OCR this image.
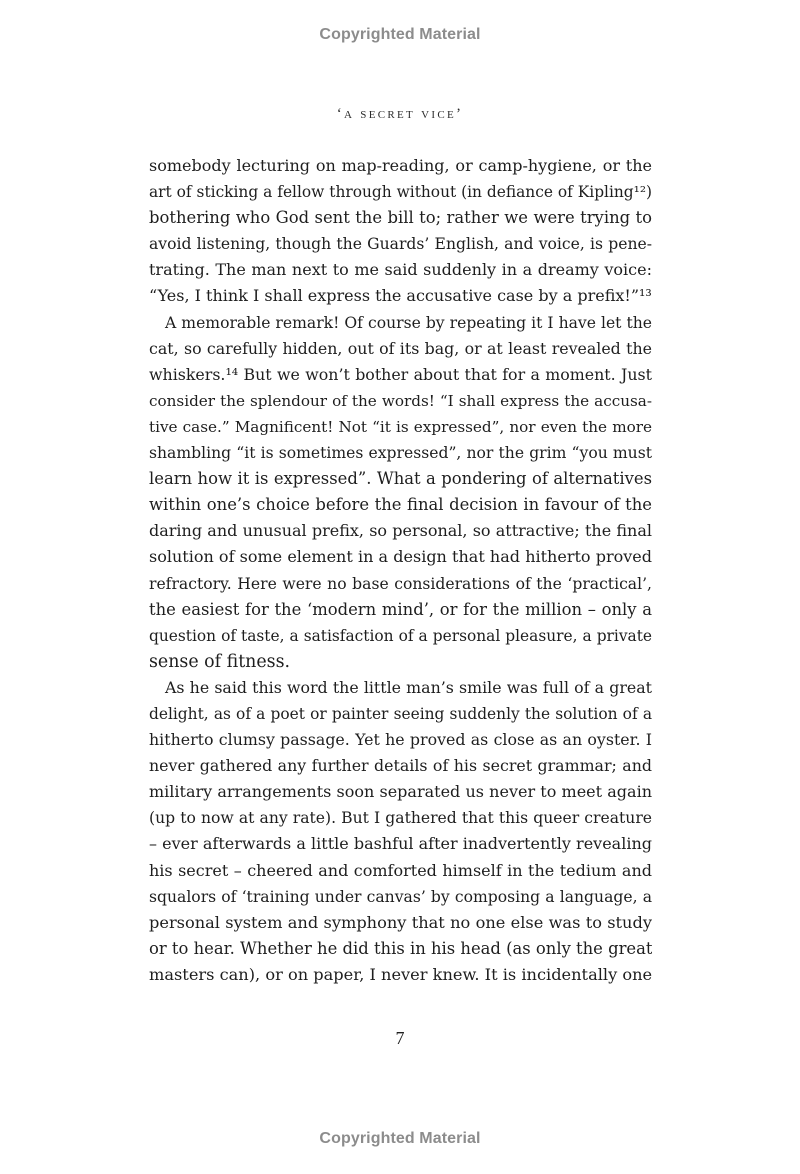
Copyrighted Material
‘a secret vice’
somebody lecturing on map-reading, or camp-hygiene, or the
art of sticking a fellow through without (in defiance of Kipling¹²)
bothering who God sent the bill to; rather we were trying to
avoid listening, though the Guards’ English, and voice, is pene-
trating. The man next to me said suddenly in a dreamy voice:
“Yes, I think I shall express the accusative case by a prefix!”¹³
A memorable remark! Of course by repeating it I have let the
cat, so carefully hidden, out of its bag, or at least revealed the
whiskers.¹⁴ But we won’t bother about that for a moment. Just
consider the splendour of the words! “I shall express the accusa-
tive case.” Magnificent! Not “it is expressed”, nor even the more
shambling “it is sometimes expressed”, nor the grim “you must
learn how it is expressed”. What a pondering of alternatives
within one’s choice before the final decision in favour of the
daring and unusual prefix, so personal, so attractive; the final
solution of some element in a design that had hitherto proved
refractory. Here were no base considerations of the ‘practical’,
the easiest for the ‘modern mind’, or for the million – only a
question of taste, a satisfaction of a personal pleasure, a private
sense of fitness.
As he said this word the little man’s smile was full of a great
delight, as of a poet or painter seeing suddenly the solution of a
hitherto clumsy passage. Yet he proved as close as an oyster. I
never gathered any further details of his secret grammar; and
military arrangements soon separated us never to meet again
(up to now at any rate). But I gathered that this queer creature
– ever afterwards a little bashful after inadvertently revealing
his secret – cheered and comforted himself in the tedium and
squalors of ‘training under canvas’ by composing a language, a
personal system and symphony that no one else was to study
or to hear. Whether he did this in his head (as only the great
masters can), or on paper, I never knew. It is incidentally one
7
Copyrighted Material
